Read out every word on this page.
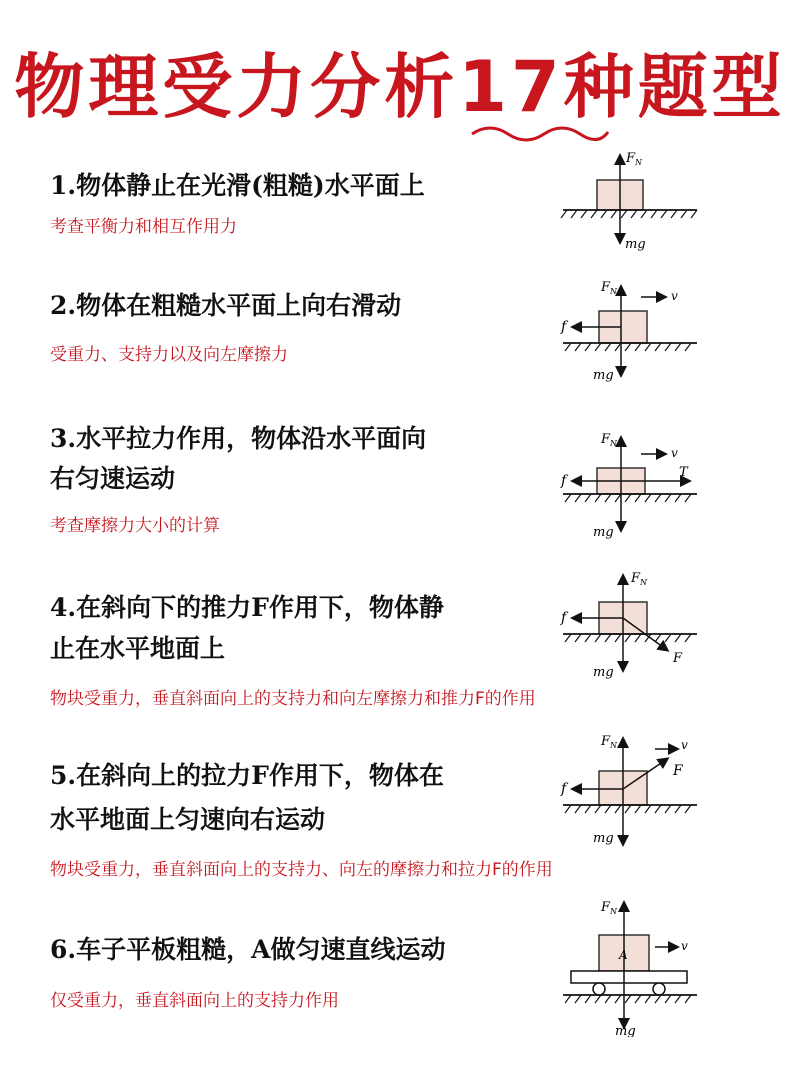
物理受力分析17种题型

1.物体静止在光滑(粗糙)水平面上

考查平衡力和相互作用力

$F_N$
mg

2.物体在粗糙水平面上向右滑动

受重力、支持力以及向左摩擦力

$F_N$	v
f
mg

3.水平拉力作用，物体沿水平面向

右匀速运动

考查摩擦力大小的计算

$F_N$
v
T
f
mg

4.在斜向下的推力F作用下，物体静

止在水平地面上

物块受重力，垂直斜面向上的支持力和向左摩擦力和推力F的作用

$F_N$
f
F
mg

5.在斜向上的拉力F作用下，物体在

水平地面上匀速向右运动

物块受重力，垂直斜面向上的支持力、向左的摩擦力和拉力F的作用

$F_N$	v
F
f
mg

6.车子平板粗糙，A做匀速直线运动

仅受重力，垂直斜面向上的支持力作用

$F_N$
A
v
mg
